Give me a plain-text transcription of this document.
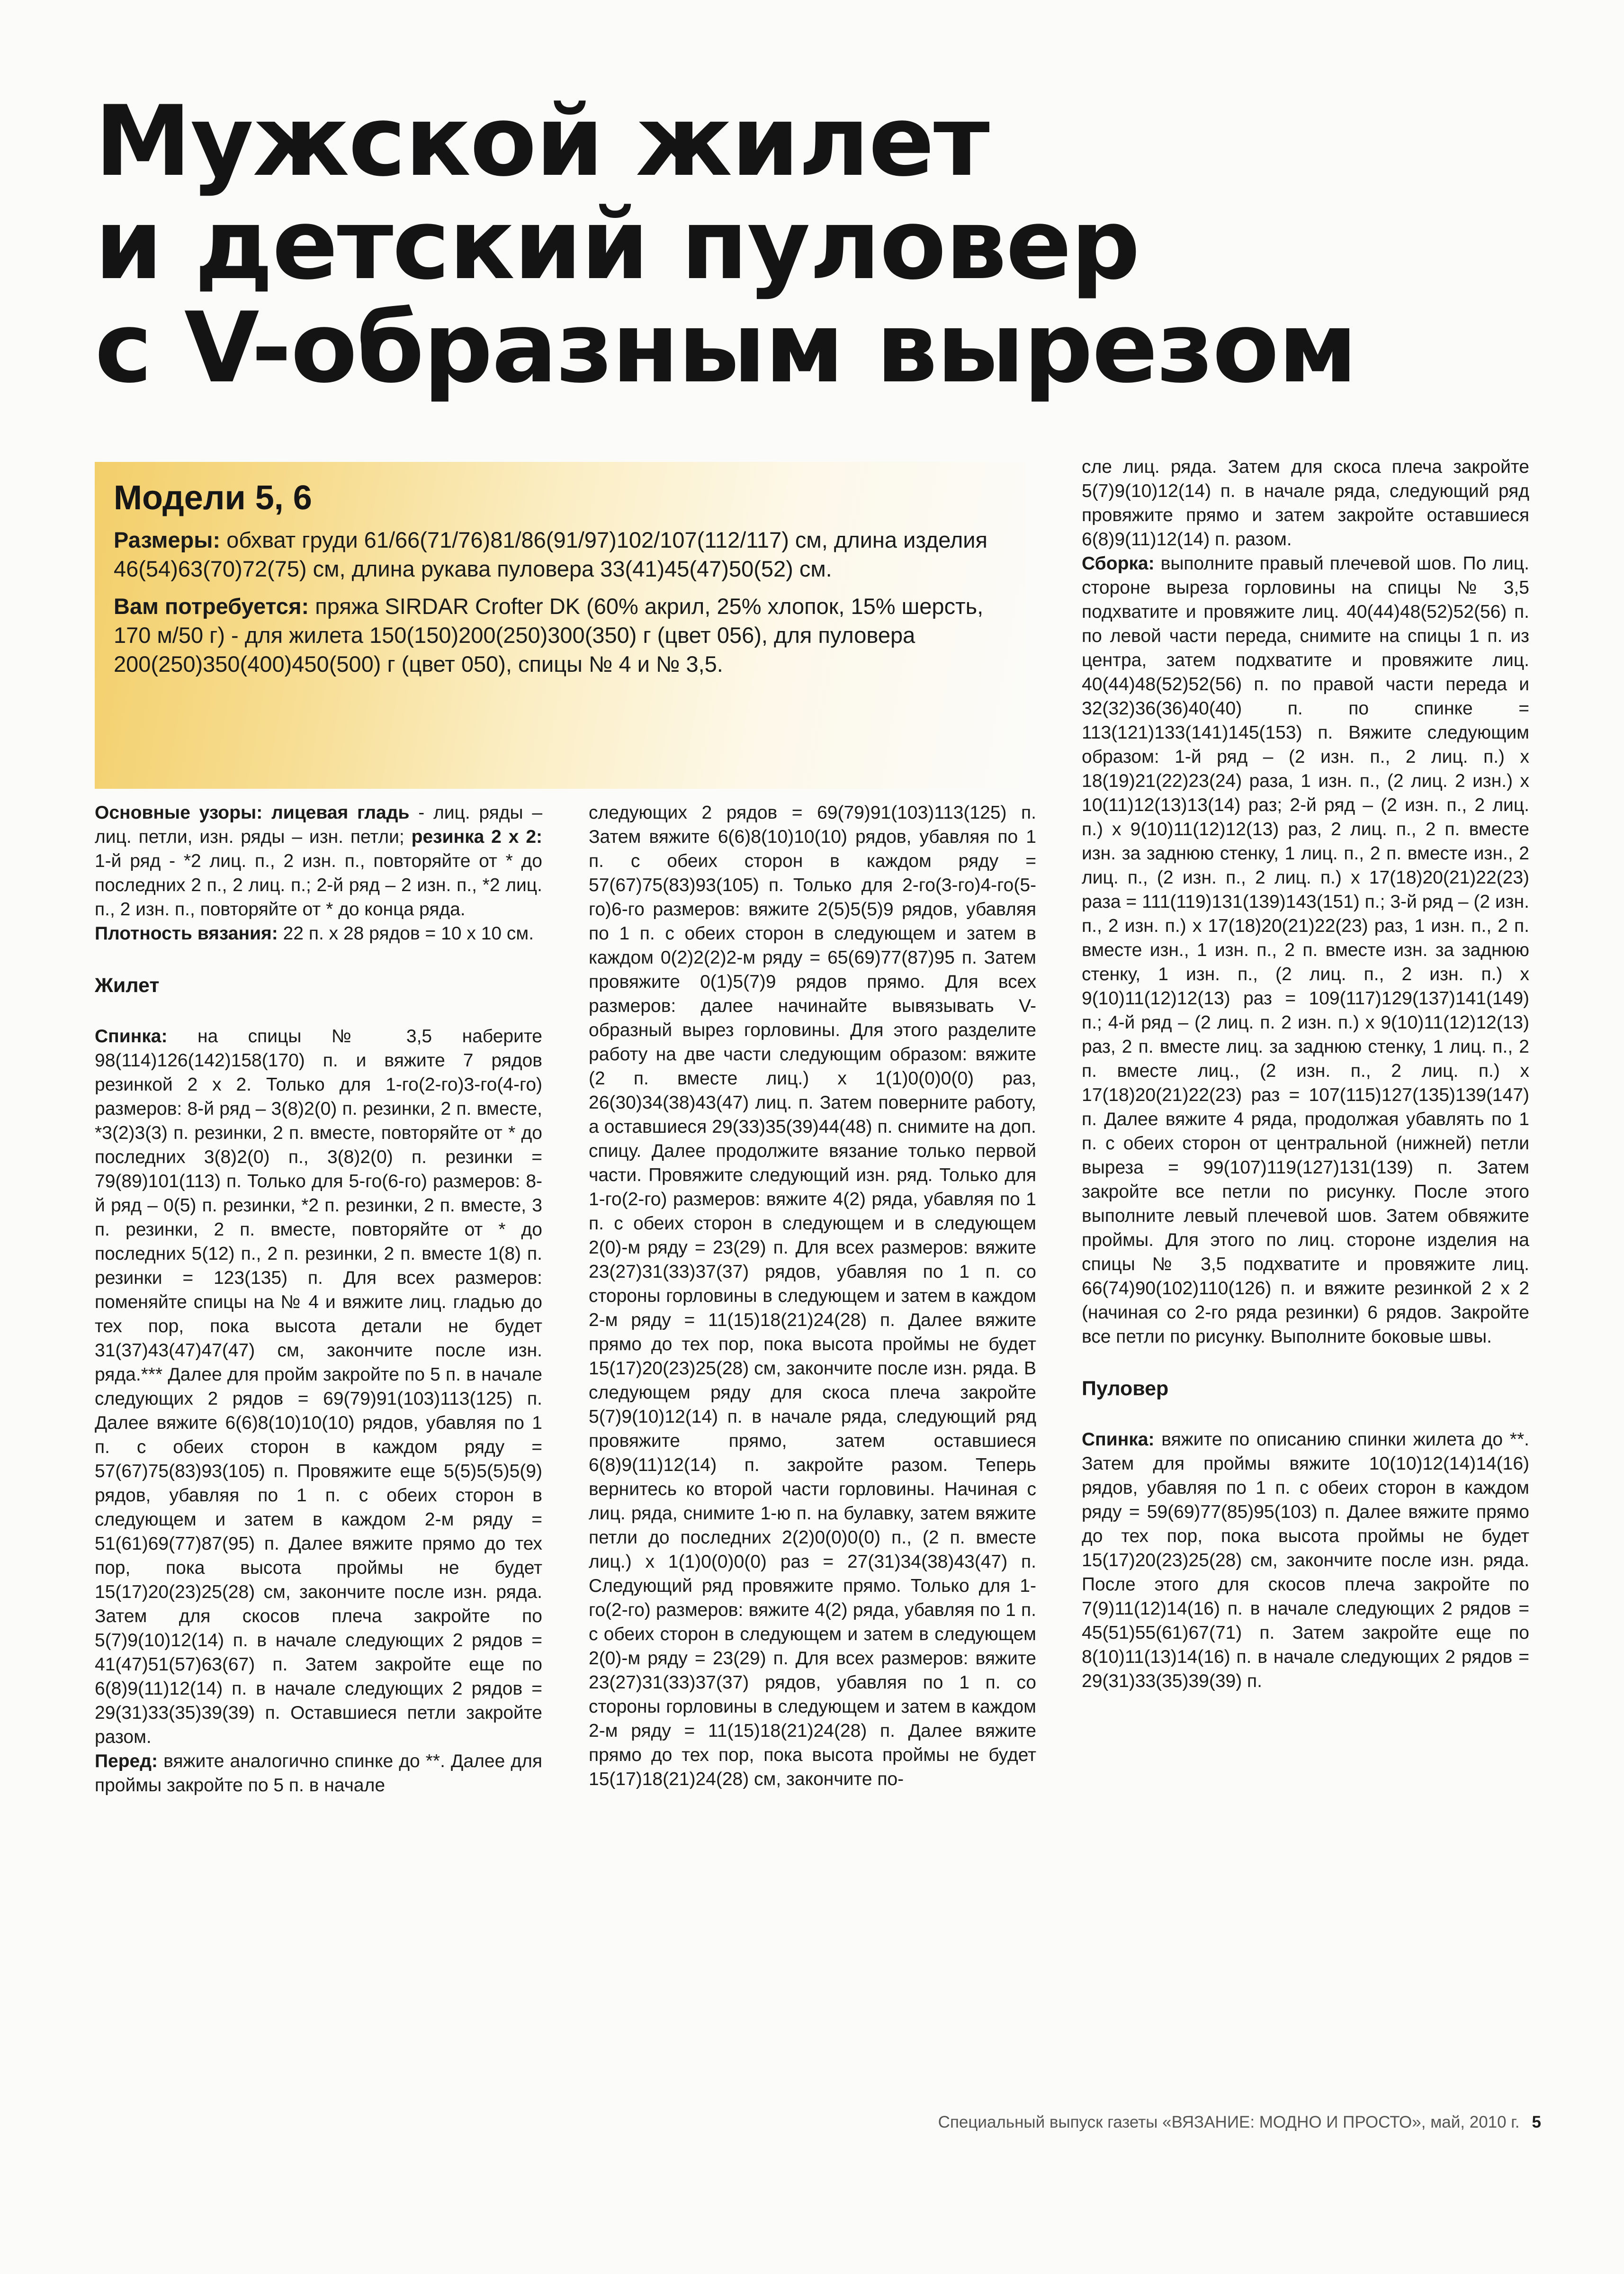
Мужской жилет
и детский пуловер
с V-образным вырезом
Модели 5, 6

Размеры: обхват груди 61/66(71/76)81/86(91/97)102/107(112/117) см, длина изделия 46(54)63(70)72(75) см, длина рукава пуловера 33(41)45(47)50(52) см.

Вам потребуется: пряжа SIRDAR Crofter DK (60% акрил, 25% хлопок, 15% шерсть, 170 м/50 г) - для жилета 150(150)200(250)300(350) г (цвет 056), для пуловера 200(250)350(400)450(500) г (цвет 050), спицы № 4 и № 3,5.

Основные узоры: лицевая гладь - лиц. ряды – лиц. петли, изн. ряды – изн. петли; резинка 2 х 2: 1-й ряд - *2 лиц. п., 2 изн. п., повторяйте от * до последних 2 п., 2 лиц. п.; 2-й ряд – 2 изн. п., *2 лиц. п., 2 изн. п., повторяйте от * до конца ряда.

Плотность вязания: 22 п. х 28 рядов = 10 х 10 см.

Жилет

Спинка: на спицы № 3,5 наберите 98(114)126(142)158(170) п. и вяжите 7 рядов резинкой 2 х 2. Только для 1-го(2-го)3-го(4-го) размеров: 8-й ряд – 3(8)2(0) п. резинки, 2 п. вместе, *3(2)3(3) п. резинки, 2 п. вместе, повторяйте от * до последних 3(8)2(0) п., 3(8)2(0) п. резинки = 79(89)101(113) п. Только для 5-го(6-го) размеров: 8-й ряд – 0(5) п. резинки, *2 п. резинки, 2 п. вместе, 3 п. резинки, 2 п. вместе, повторяйте от * до последних 5(12) п., 2 п. резинки, 2 п. вместе 1(8) п. резинки = 123(135) п. Для всех размеров: поменяйте спицы на № 4 и вяжите лиц. гладью до тех пор, пока высота детали не будет 31(37)43(47)47(47) см, закончите после изн. ряда.*** Далее для пройм закройте по 5 п. в начале следующих 2 рядов = 69(79)91(103)113(125) п. Далее вяжите 6(6)8(10)10(10) рядов, убавляя по 1 п. с обеих сторон в каждом ряду = 57(67)75(83)93(105) п. Провяжите еще 5(5)5(5)5(9) рядов, убавляя по 1 п. с обеих сторон в следующем и затем в каждом 2-м ряду = 51(61)69(77)87(95) п. Далее вяжите прямо до тех пор, пока высота проймы не будет 15(17)20(23)25(28) см, закончите после изн. ряда. Затем для скосов плеча закройте по 5(7)9(10)12(14) п. в начале следующих 2 рядов = 41(47)51(57)63(67) п. Затем закройте еще по 6(8)9(11)12(14) п. в начале следующих 2 рядов = 29(31)33(35)39(39) п. Оставшиеся петли закройте разом.

Перед: вяжите аналогично спинке до **. Далее для проймы закройте по 5 п. в начале

следующих 2 рядов = 69(79)91(103)113(125) п. Затем вяжите 6(6)8(10)10(10) рядов, убавляя по 1 п. с обеих сторон в каждом ряду = 57(67)75(83)93(105) п. Только для 2-го(3-го)4-го(5-го)6-го размеров: вяжите 2(5)5(5)9 рядов, убавляя по 1 п. с обеих сторон в следующем и затем в каждом 0(2)2(2)2-м ряду = 65(69)77(87)95 п. Затем провяжите 0(1)5(7)9 рядов прямо. Для всех размеров: далее начинайте вывязывать V-образный вырез горловины. Для этого разделите работу на две части следующим образом: вяжите (2 п. вместе лиц.) х 1(1)0(0)0(0) раз, 26(30)34(38)43(47) лиц. п. Затем поверните работу, а оставшиеся 29(33)35(39)44(48) п. снимите на доп. спицу. Далее продолжите вязание только первой части. Провяжите следующий изн. ряд. Только для 1-го(2-го) размеров: вяжите 4(2) ряда, убавляя по 1 п. с обеих сторон в следующем и в следующем 2(0)-м ряду = 23(29) п. Для всех размеров: вяжите 23(27)31(33)37(37) рядов, убавляя по 1 п. со стороны горловины в следующем и затем в каждом 2-м ряду = 11(15)18(21)24(28) п. Далее вяжите прямо до тех пор, пока высота проймы не будет 15(17)20(23)25(28) см, закончите после изн. ряда. В следующем ряду для скоса плеча закройте 5(7)9(10)12(14) п. в начале ряда, следующий ряд провяжите прямо, затем оставшиеся 6(8)9(11)12(14) п. закройте разом. Теперь вернитесь ко второй части горловины. Начиная с лиц. ряда, снимите 1-ю п. на булавку, затем вяжите петли до последних 2(2)0(0)0(0) п., (2 п. вместе лиц.) х 1(1)0(0)0(0) раз = 27(31)34(38)43(47) п. Следующий ряд провяжите прямо. Только для 1-го(2-го) размеров: вяжите 4(2) ряда, убавляя по 1 п. с обеих сторон в следующем и затем в следующем 2(0)-м ряду = 23(29) п. Для всех размеров: вяжите 23(27)31(33)37(37) рядов, убавляя по 1 п. со стороны горловины в следующем и затем в каждом 2-м ряду = 11(15)18(21)24(28) п. Далее вяжите прямо до тех пор, пока высота проймы не будет 15(17)18(21)24(28) см, закончите по-

сле лиц. ряда. Затем для скоса плеча закройте 5(7)9(10)12(14) п. в начале ряда, следующий ряд провяжите прямо и затем закройте оставшиеся 6(8)9(11)12(14) п. разом.

Сборка: выполните правый плечевой шов. По лиц. стороне выреза горловины на спицы № 3,5 подхватите и провяжите лиц. 40(44)48(52)52(56) п. по левой части переда, снимите на спицы 1 п. из центра, затем подхватите и провяжите лиц. 40(44)48(52)52(56) п. по правой части переда и 32(32)36(36)40(40) п. по спинке = 113(121)133(141)145(153) п. Вяжите следующим образом: 1-й ряд – (2 изн. п., 2 лиц. п.) х 18(19)21(22)23(24) раза, 1 изн. п., (2 лиц. 2 изн.) х 10(11)12(13)13(14) раз; 2-й ряд – (2 изн. п., 2 лиц. п.) х 9(10)11(12)12(13) раз, 2 лиц. п., 2 п. вместе изн. за заднюю стенку, 1 лиц. п., 2 п. вместе изн., 2 лиц. п., (2 изн. п., 2 лиц. п.) х 17(18)20(21)22(23) раза = 111(119)131(139)143(151) п.; 3-й ряд – (2 изн. п., 2 изн. п.) х 17(18)20(21)22(23) раз, 1 изн. п., 2 п. вместе изн., 1 изн. п., 2 п. вместе изн. за заднюю стенку, 1 изн. п., (2 лиц. п., 2 изн. п.) х 9(10)11(12)12(13) раз = 109(117)129(137)141(149) п.; 4-й ряд – (2 лиц. п. 2 изн. п.) х 9(10)11(12)12(13) раз, 2 п. вместе лиц. за заднюю стенку, 1 лиц. п., 2 п. вместе лиц., (2 изн. п., 2 лиц. п.) х 17(18)20(21)22(23) раз = 107(115)127(135)139(147) п. Далее вяжите 4 ряда, продолжая убавлять по 1 п. с обеих сторон от центральной (нижней) петли выреза = 99(107)119(127)131(139) п. Затем закройте все петли по рисунку. После этого выполните левый плечевой шов. Затем обвяжите проймы. Для этого по лиц. стороне изделия на спицы № 3,5 подхватите и провяжите лиц. 66(74)90(102)110(126) п. и вяжите резинкой 2 х 2 (начиная со 2-го ряда резинки) 6 рядов. Закройте все петли по рисунку. Выполните боковые швы.

Пуловер

Спинка: вяжите по описанию спинки жилета до **. Затем для проймы вяжите 10(10)12(14)14(16) рядов, убавляя по 1 п. с обеих сторон в каждом ряду = 59(69)77(85)95(103) п. Далее вяжите прямо до тех пор, пока высота проймы не будет 15(17)20(23)25(28) см, закончите после изн. ряда. После этого для скосов плеча закройте по 7(9)11(12)14(16) п. в начале следующих 2 рядов = 45(51)55(61)67(71) п. Затем закройте еще по 8(10)11(13)14(16) п. в начале следующих 2 рядов = 29(31)33(35)39(39) п.

Специальный выпуск газеты «ВЯЗАНИЕ: МОДНО И ПРОСТО», май, 2010 г. 5
